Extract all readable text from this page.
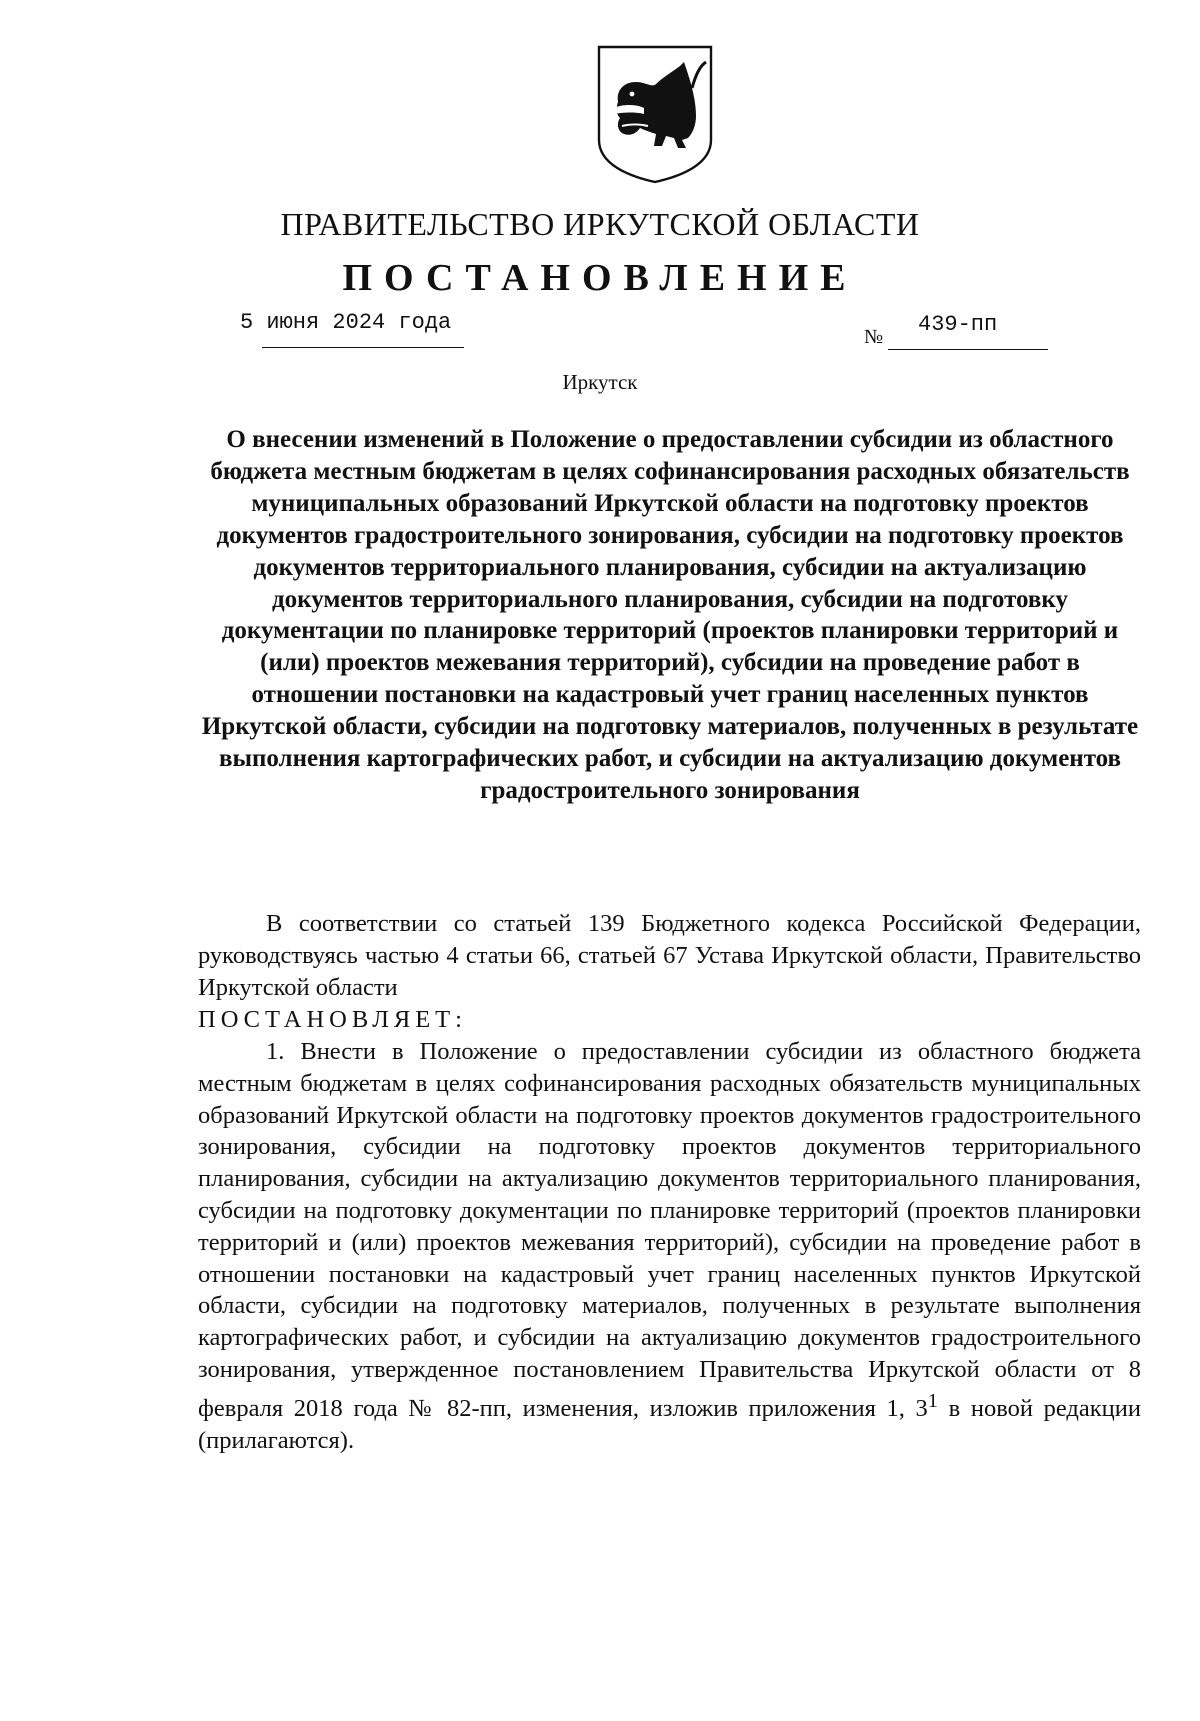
ПРАВИТЕЛЬСТВО ИРКУТСКОЙ ОБЛАСТИ
ПОСТАНОВЛЕНИЕ
5 июня 2024 года
№ 439-пп
Иркутск

О внесении изменений в Положение о предоставлении субсидии из областного бюджета местным бюджетам в целях софинансирования расходных обязательств муниципальных образований Иркутской области на подготовку проектов документов градостроительного зонирования, субсидии на подготовку проектов документов территориального планирования, субсидии на актуализацию документов территориального планирования, субсидии на подготовку документации по планировке территорий (проектов планировки территорий и (или) проектов межевания территорий), субсидии на проведение работ в отношении постановки на кадастровый учет границ населенных пунктов Иркутской области, субсидии на подготовку материалов, полученных в результате выполнения картографических работ, и субсидии на актуализацию документов градостроительного зонирования

В соответствии со статьей 139 Бюджетного кодекса Российской Федерации, руководствуясь частью 4 статьи 66, статьей 67 Устава Иркутской области, Правительство Иркутской области

ПОСТАНОВЛЯЕТ:

1. Внести в Положение о предоставлении субсидии из областного бюджета местным бюджетам в целях софинансирования расходных обязательств муниципальных образований Иркутской области на подготовку проектов документов градостроительного зонирования, субсидии на подготовку проектов документов территориального планирования, субсидии на актуализацию документов территориального планирования, субсидии на подготовку документации по планировке территорий (проектов планировки территорий и (или) проектов межевания территорий), субсидии на проведение работ в отношении постановки на кадастровый учет границ населенных пунктов Иркутской области, субсидии на подготовку материалов, полученных в результате выполнения картографических работ, и субсидии на актуализацию документов градостроительного зонирования, утвержденное постановлением Правительства Иркутской области от 8 февраля 2018 года № 82-пп, изменения, изложив приложения 1, $3^1$ в новой редакции (прилагаются).
